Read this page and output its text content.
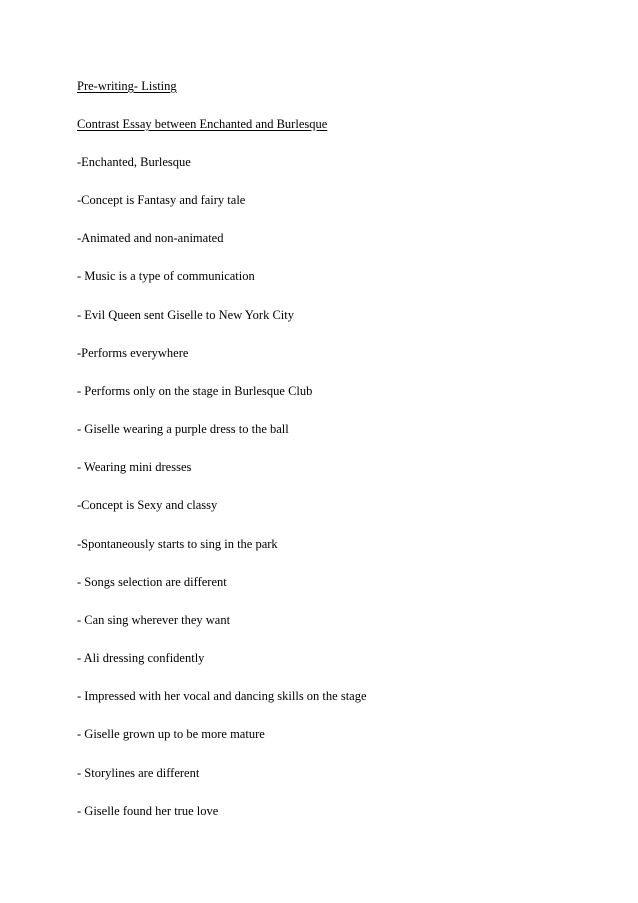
Pre-writing- Listing
Contrast Essay between Enchanted and Burlesque
-Enchanted, Burlesque
-Concept is Fantasy and fairy tale
-Animated and non-animated
- Music is a type of communication
- Evil Queen sent Giselle to New York City
-Performs everywhere
- Performs only on the stage in Burlesque Club
- Giselle wearing a purple dress to the ball
- Wearing mini dresses
-Concept is Sexy and classy
-Spontaneously starts to sing in the park
- Songs selection are different
- Can sing wherever they want
- Ali dressing confidently
- Impressed with her vocal and dancing skills on the stage
- Giselle grown up to be more mature
- Storylines are different
- Giselle found her true love
